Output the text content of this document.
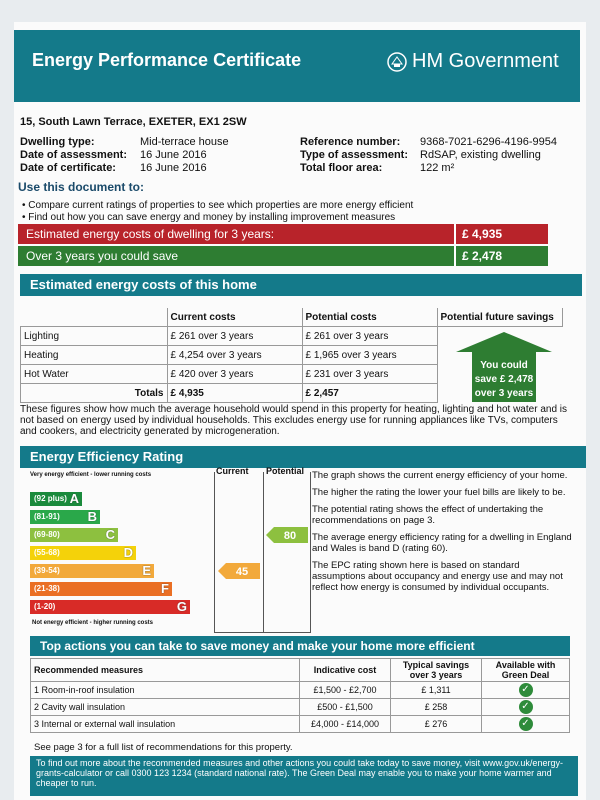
Energy Performance Certificate	HM Government
15, South Lawn Terrace, EXETER, EX1 2SW
Dwelling type:	Mid-terrace house
Date of assessment: 16 June 2016
Date of certificate: 16 June 2016
Reference number: 9368-7021-6296-4196-9954
Type of assessment: RdSAP, existing dwelling
Total floor area:	122 m²
Use this document to:
• Compare current ratings of properties to see which properties are more energy efficient
• Find out how you can save energy and money by installing improvement measures
Estimated energy costs of dwelling for 3 years:	£ 4,935
Over 3 years you could save	£ 2,478
Estimated energy costs of this home
	Current costs	Potential costs	Potential future savings
Lighting	£ 261 over 3 years	£ 261 over 3 years	
Heating	£ 4,254 over 3 years	£ 1,965 over 3 years	
Hot Water	£ 420 over 3 years	£ 231 over 3 years	
Totals	£ 4,935	£ 2,457	
You could
save £ 2,478
over 3 years
These figures show how much the average household would spend in this property for heating, lighting and hot water and is not based on energy used by individual households. This excludes energy use for running appliances like TVs, computers and cookers, and electricity generated by microgeneration.
Energy Efficiency Rating
Current Potential
Very energy efficient - lower running costs
Not energy efficient - higher running costs
(92 plus) A
(81-91) B
(69-80)	C
(55-68)	D
(39-54)	E
(21-38)	F
(1-20)	G
45
80

The graph shows the current energy efficiency of your home.

The higher the rating the lower your fuel bills are likely to be.

The potential rating shows the effect of undertaking the recommendations on page 3.

The average energy efficiency rating for a dwelling in England and Wales is band D (rating 60).

The EPC rating shown here is based on standard assumptions about occupancy and energy use and may not reflect how energy is consumed by individual occupants.

Top actions you can take to save money and make your home more efficient
Recommended measures	Indicative cost	Typical savings over 3 years	Available with Green Deal
1 Room-in-roof insulation	£1,500 - £2,700	£ 1,311	✓
2 Cavity wall insulation	£500 - £1,500	£ 258	✓
3 Internal or external wall insulation	£4,000 - £14,000	£ 276	✓
See page 3 for a full list of recommendations for this property.
To find out more about the recommended measures and other actions you could take today to save money, visit www.gov.uk/energy-grants-calculator or call 0300 123 1234 (standard national rate). The Green Deal may enable you to make your home warmer and cheaper to run.
